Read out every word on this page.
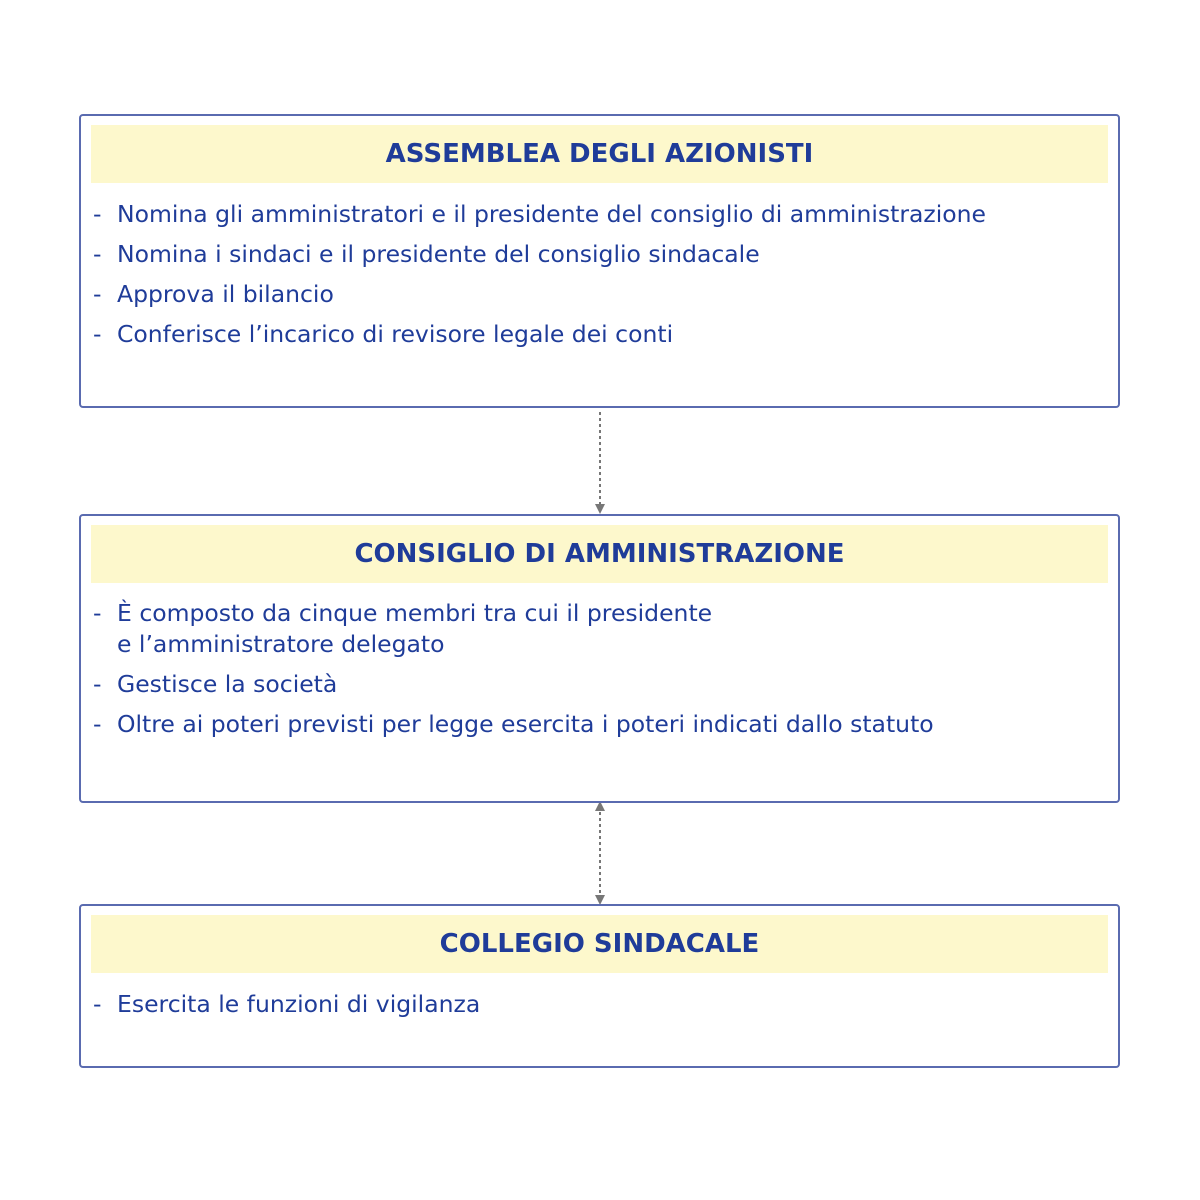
ASSEMBLEA DEGLI AZIONISTI
- Nomina gli amministratori e il presidente del consiglio di amministrazione
- Nomina i sindaci e il presidente del consiglio sindacale
- Approva il bilancio
- Conferisce l’incarico di revisore legale dei conti
CONSIGLIO DI AMMINISTRAZIONE
- È composto da cinque membri tra cui il presidente
e l’amministratore delegato
- Gestisce la società
- Oltre ai poteri previsti per legge esercita i poteri indicati dallo statuto
COLLEGIO SINDACALE
- Esercita le funzioni di vigilanza
